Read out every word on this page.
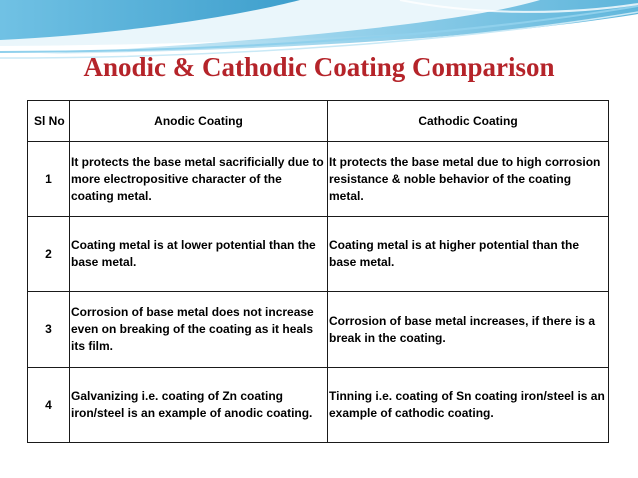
Anodic & Cathodic Coating Comparison
Sl No	Anodic Coating	Cathodic Coating
1	It protects the base metal sacrificially due to more electropositive character of the coating metal.	It protects the base metal due to high corrosion resistance & noble behavior of the coating metal.
2	Coating metal is at lower potential than the base metal.	Coating metal is at higher potential than the base metal.
3	Corrosion of base metal does not increase even on breaking of the coating as it heals its film.	Corrosion of base metal increases, if there is a break in the coating.
4	Galvanizing i.e. coating of Zn coating iron/steel is an example of anodic coating.	Tinning i.e. coating of Sn coating iron/steel is an example of cathodic coating.
